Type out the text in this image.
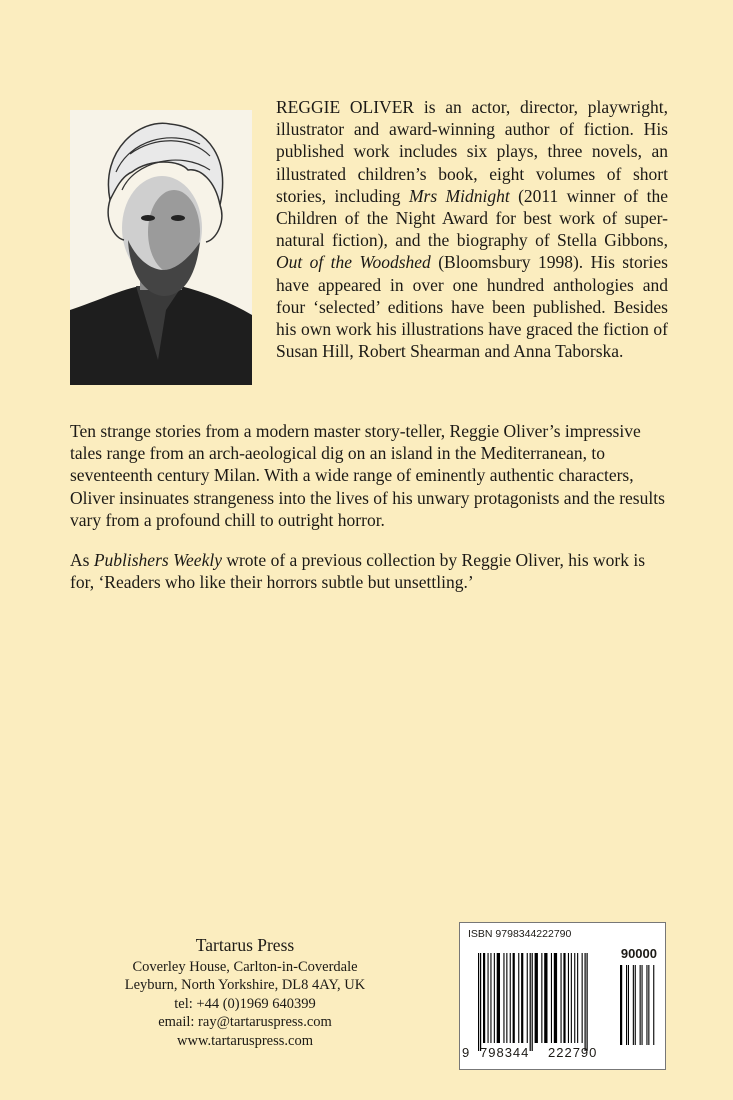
REGGIE OLIVER is an actor, director, playwright, illustrator and award-winning author of fiction. His published work includes six plays, three novels, an illustrated children’s book, eight volumes of short stories, including Mrs Midnight (2011 winner of the Children of the Night Award for best work of super-natural fiction), and the biography of Stella Gibbons, Out of the Woodshed (Bloomsbury 1998). His stories have appeared in over one hundred anthologies and four ‘selected’ editions have been published. Besides his own work his illustrations have graced the fiction of Susan Hill, Robert Shearman and Anna Taborska.

Ten strange stories from a modern master story-teller, Reggie Oliver’s impressive tales range from an arch-aeological dig on an island in the Mediterranean, to seventeenth century Milan. With a wide range of eminently authentic characters, Oliver insinuates strangeness into the lives of his unwary protagonists and the results vary from a profound chill to outright horror.

As Publishers Weekly wrote of a previous collection by Reggie Oliver, his work is for, ‘Readers who like their horrors subtle but unsettling.’

Tartarus Press
Coverley House, Carlton-in-Coverdale
Leyburn, North Yorkshire, DL8 4AY, UK
tel: +44 (0)1969 640399
email: ray@tartaruspress.com
www.tartaruspress.com
ISBN 9798344222790
90000
9 798344 222790
